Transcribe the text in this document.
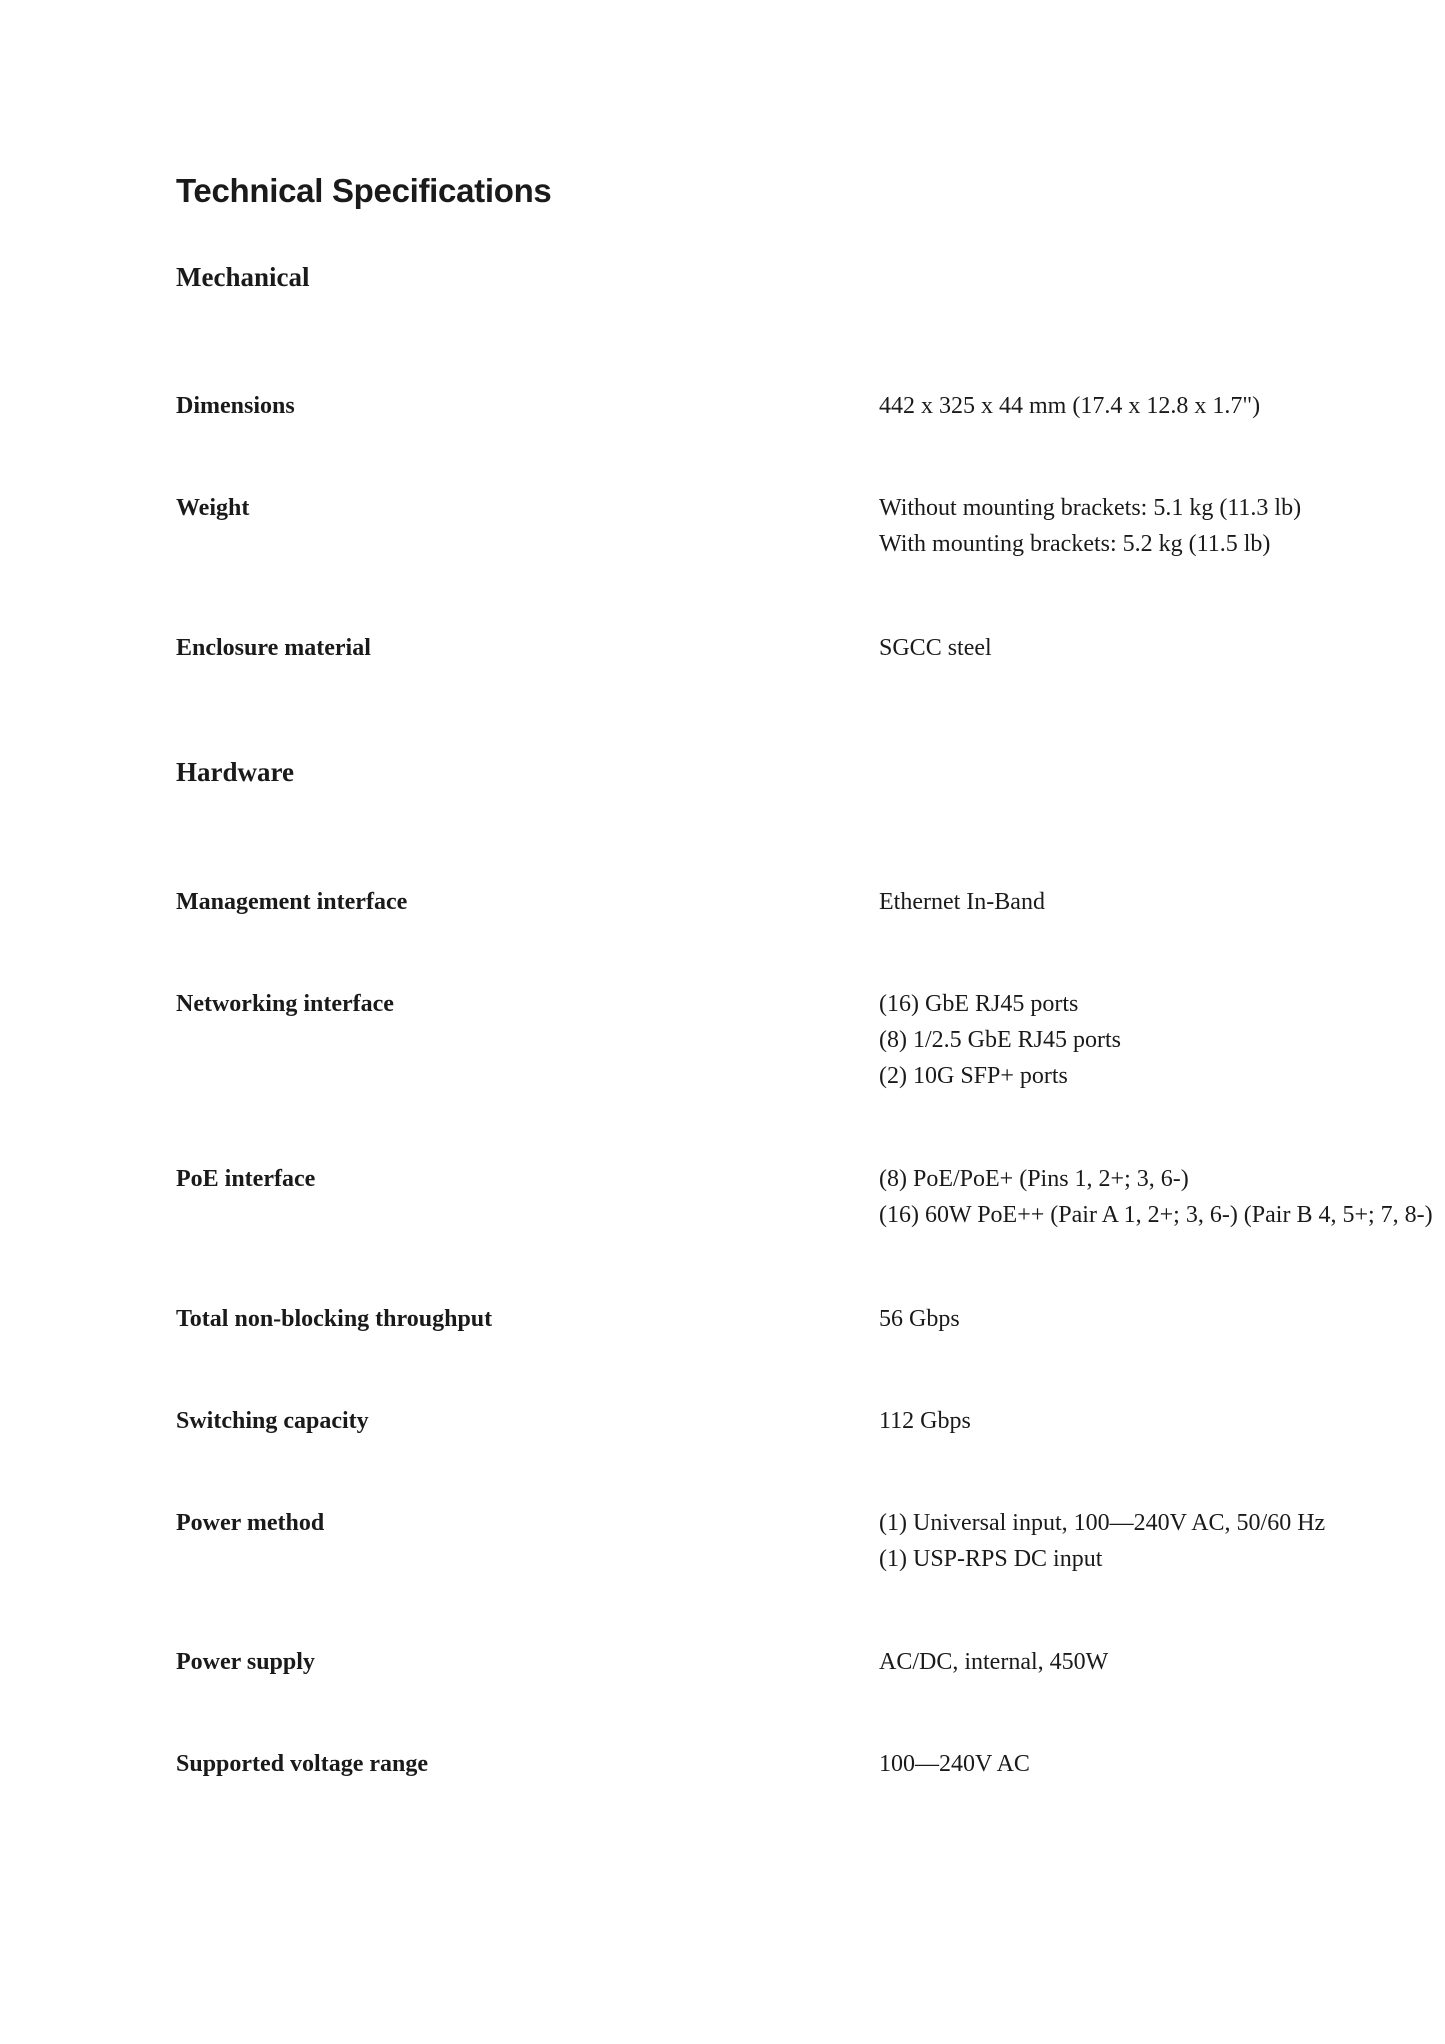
Technical Specifications
Mechanical
Dimensions	442 x 325 x 44 mm (17.4 x 12.8 x 1.7")
Weight	Without mounting brackets: 5.1 kg (11.3 lb)
With mounting brackets: 5.2 kg (11.5 lb)
Enclosure material	SGCC steel
Hardware
Management interface	Ethernet In-Band
Networking interface	(16) GbE RJ45 ports
(8) 1/2.5 GbE RJ45 ports
(2) 10G SFP+ ports
PoE interface	(8) PoE/PoE+ (Pins 1, 2+; 3, 6-)
(16) 60W PoE++ (Pair A 1, 2+; 3, 6-) (Pair B 4, 5+; 7, 8-)
Total non-blocking throughput	56 Gbps
Switching capacity	112 Gbps
Power method	(1) Universal input, 100—240V AC, 50/60 Hz
(1) USP-RPS DC input
Power supply	AC/DC, internal, 450W
Supported voltage range	100—240V AC
